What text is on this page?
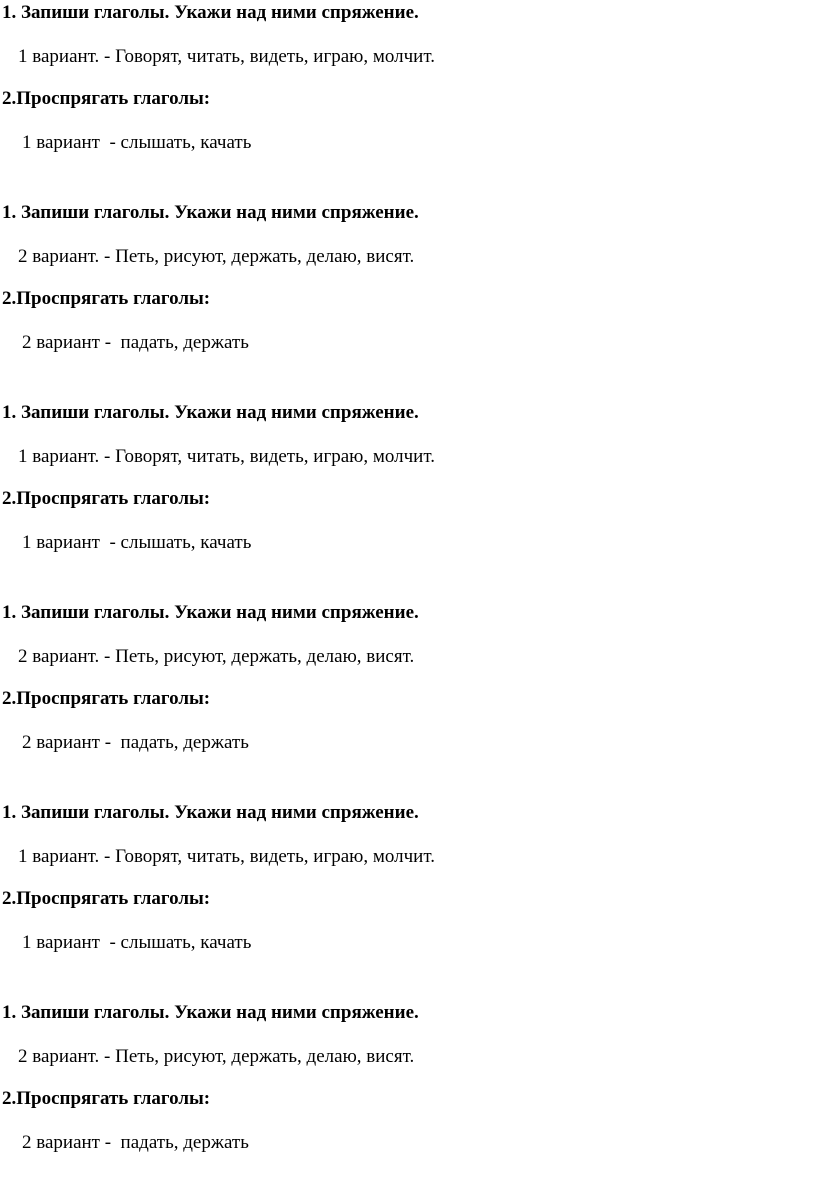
1. Запиши глаголы. Укажи над ними спряжение.
1 вариант. - Говорят, читать, видеть, играю, молчит.
2.Проспрягать глаголы:
1 вариант  - слышать, качать
1. Запиши глаголы. Укажи над ними спряжение.
2 вариант. - Петь, рисуют, держать, делаю, висят.
2.Проспрягать глаголы:
2 вариант -  падать, держать
1. Запиши глаголы. Укажи над ними спряжение.
1 вариант. - Говорят, читать, видеть, играю, молчит.
2.Проспрягать глаголы:
1 вариант  - слышать, качать
1. Запиши глаголы. Укажи над ними спряжение.
2 вариант. - Петь, рисуют, держать, делаю, висят.
2.Проспрягать глаголы:
2 вариант -  падать, держать
1. Запиши глаголы. Укажи над ними спряжение.
1 вариант. - Говорят, читать, видеть, играю, молчит.
2.Проспрягать глаголы:
1 вариант  - слышать, качать
1. Запиши глаголы. Укажи над ними спряжение.
2 вариант. - Петь, рисуют, держать, делаю, висят.
2.Проспрягать глаголы:
2 вариант -  падать, держать
